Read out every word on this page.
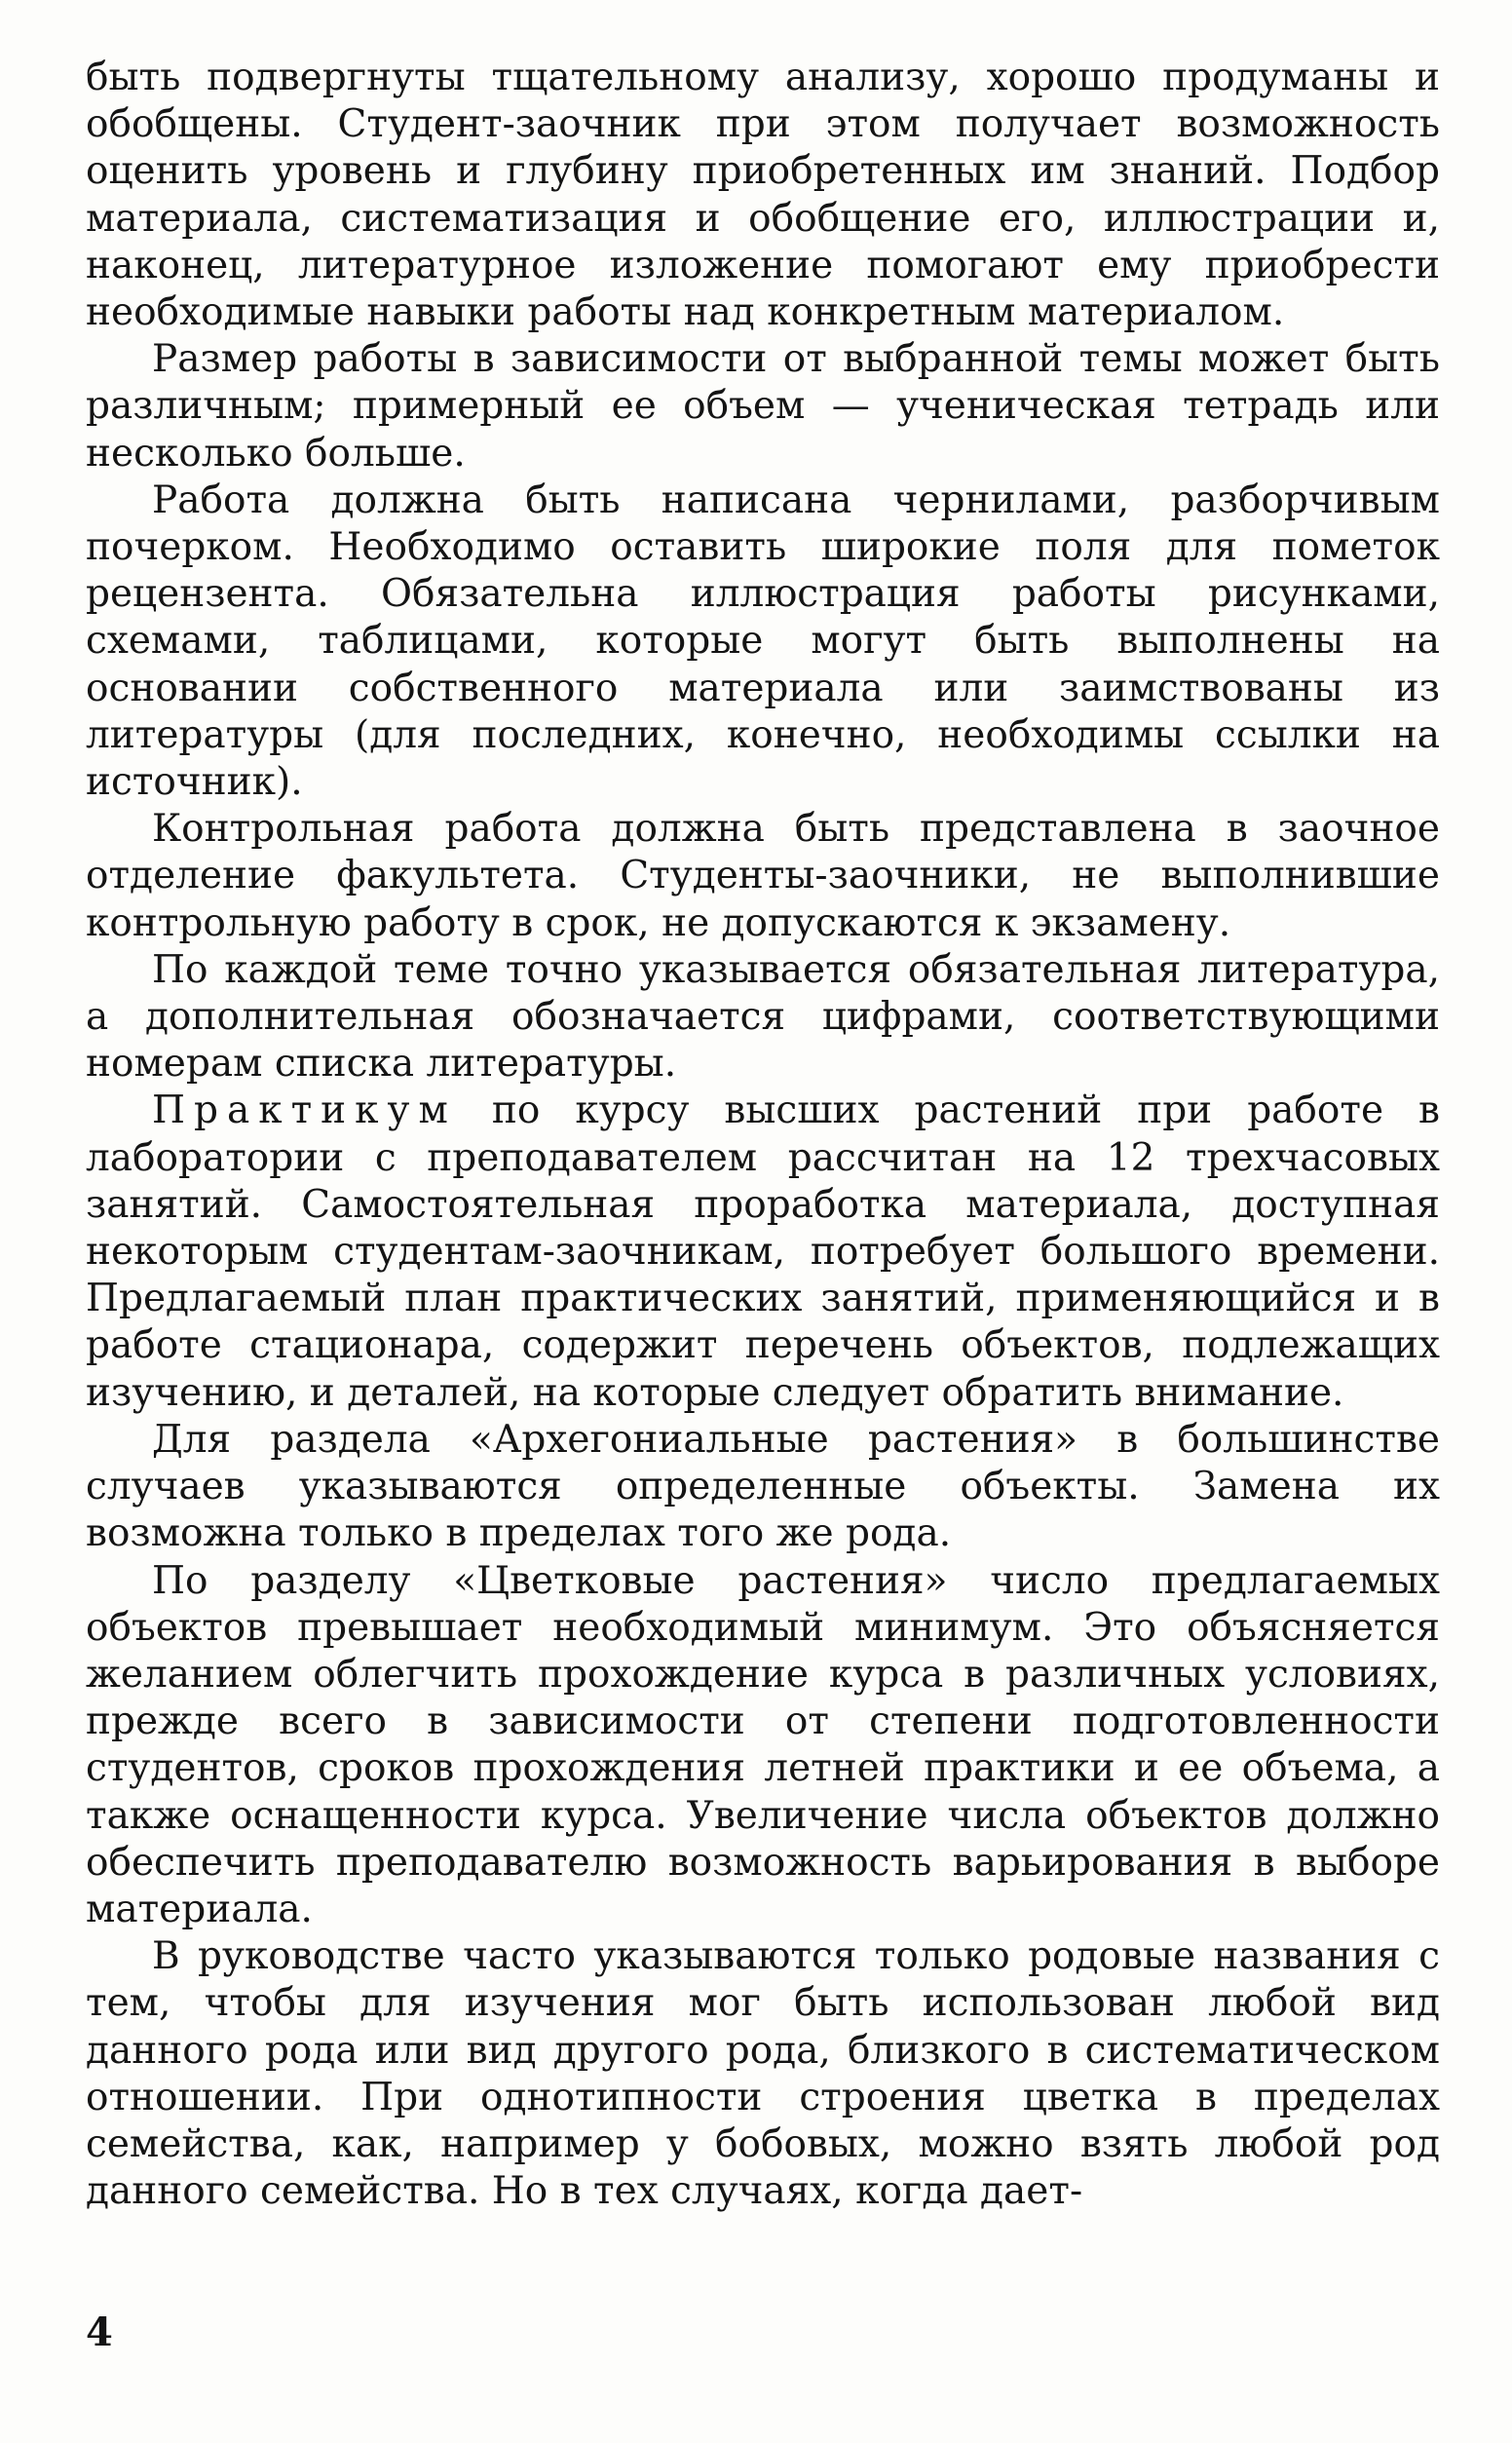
быть подвергнуты тщательному анализу, хорошо продуманы и обобщены. Студент-заочник при этом получает возможность оценить уровень и глубину приобретенных им знаний. Подбор материала, систематизация и обобщение его, иллюстрации и, наконец, литературное изложение помогают ему приобрести необходимые навыки работы над конкретным материалом.

Размер работы в зависимости от выбранной темы может быть различным; примерный ее объем — ученическая тетрадь или несколько больше.

Работа должна быть написана чернилами, разборчивым почерком. Необходимо оставить широкие поля для пометок рецензента. Обязательна иллюстрация работы рисунками, схемами, таблицами, которые могут быть выполнены на основании собственного материала или заимствованы из литературы (для последних, конечно, необходимы ссылки на источник).

Контрольная работа должна быть представлена в заочное отделение факультета. Студенты-заочники, не выполнившие контрольную работу в срок, не допускаются к экзамену.

По каждой теме точно указывается обязательная литература, а дополнительная обозначается цифрами, соответствующими номерам списка литературы.

Практикум по курсу высших растений при работе в лаборатории с преподавателем рассчитан на 12 трехчасовых занятий. Самостоятельная проработка материала, доступная некоторым студентам-заочникам, потребует большого времени. Предлагаемый план практических занятий, применяющийся и в работе стационара, содержит перечень объектов, подлежащих изучению, и деталей, на которые следует обратить внимание.

Для раздела «Архегониальные растения» в большинстве случаев указываются определенные объекты. Замена их возможна только в пределах того же рода.

По разделу «Цветковые растения» число предлагаемых объектов превышает необходимый минимум. Это объясняется желанием облегчить прохождение курса в различных условиях, прежде всего в зависимости от степени подготовленности студентов, сроков прохождения летней практики и ее объема, а также оснащенности курса. Увеличение числа объектов должно обеспечить преподавателю возможность варьирования в выборе материала.

В руководстве часто указываются только родовые названия с тем, чтобы для изучения мог быть использован любой вид данного рода или вид другого рода, близкого в систематическом отношении. При однотипности строения цветка в пределах семейства, как, например у бобовых, можно взять любой род данного семейства. Но в тех случаях, когда дает-

4
